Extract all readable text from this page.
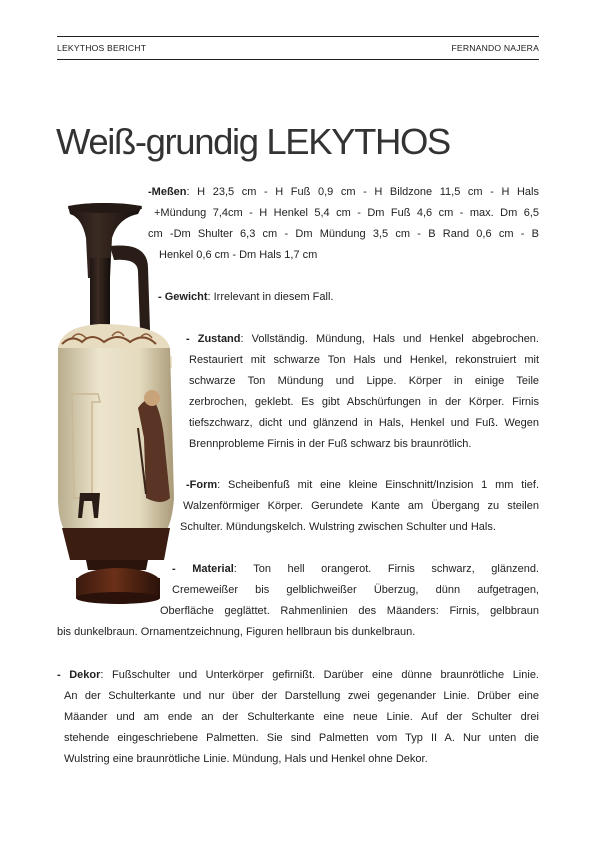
LEKYTHOS BERICHT	FERNANDO NAJERA
Weiß-grundig LEKYTHOS
-Meßen: H 23,5 cm - H Fuß 0,9 cm - H Bildzone 11,5 cm - H Hals
+Mündung 7,4cm - H Henkel 5,4 cm - Dm Fuß 4,6 cm - max. Dm 6,5
cm -Dm Shulter 6,3 cm - Dm Mündung 3,5 cm - B Rand 0,6 cm - B
Henkel 0,6 cm - Dm Hals 1,7 cm
- Gewicht: Irrelevant in diesem Fall.
- Zustand: Vollständig. Mündung, Hals und Henkel abgebrochen.
Restauriert mit schwarze Ton Hals und Henkel, rekonstruiert mit
schwarze Ton Mündung und Lippe. Körper in einige Teile
zerbrochen, geklebt. Es gibt Abschürfungen in der Körper. Firnis
tiefszchwarz, dicht und glänzend in Hals, Henkel und Fuß. Wegen
Brennprobleme Firnis in der Fuß schwarz bis braunrötlich.
-Form: Scheibenfuß mit eine kleine Einschnitt/Inzision 1 mm tief.
Walzenförmiger Körper. Gerundete Kante am Übergang zu steilen
Schulter. Mündungskelch. Wulstring zwischen Schulter und Hals.
- Material: Ton hell orangerot. Firnis schwarz, glänzend.
Cremeweißer bis gelblichweißer Überzug, dünn aufgetragen,
Oberfläche geglättet. Rahmenlinien des Mäanders: Firnis, gelbbraun
bis dunkelbraun. Ornamentzeichnung, Figuren hellbraun bis dunkelbraun.
- Dekor: Fußschulter und Unterkörper gefirnißt. Darüber eine dünne braunrötliche Linie.
An der Schulterkante und nur über der Darstellung zwei gegenander Linie. Drüber eine
Mäander und am ende an der Schulterkante eine neue Linie. Auf der Schulter drei
stehende eingeschriebene Palmetten. Sie sind Palmetten vom Typ II A. Nur unten die
Wulstring eine braunrötliche Linie. Mündung, Hals und Henkel ohne Dekor.
